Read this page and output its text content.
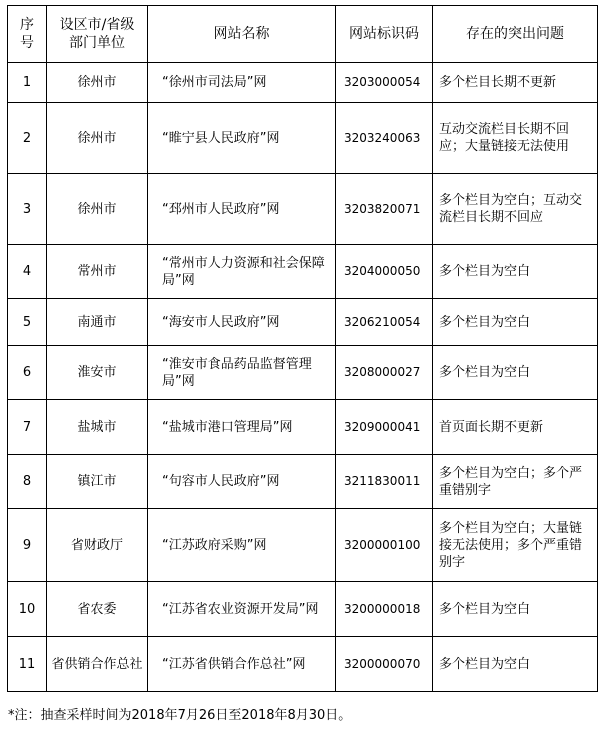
序号	设区市/省级部门单位	网站名称	网站标识码	存在的突出问题
1	徐州市	“徐州市司法局”网	3203000054	多个栏目长期不更新
2	徐州市	“睢宁县人民政府”网	3203240063	互动交流栏目长期不回应；大量链接无法使用
3	徐州市	“邳州市人民政府”网	3203820071	多个栏目为空白；互动交流栏目长期不回应
4	常州市	“常州市人力资源和社会保障局”网	3204000050	多个栏目为空白
5	南通市	“海安市人民政府”网	3206210054	多个栏目为空白
6	淮安市	“淮安市食品药品监督管理局”网	3208000027	多个栏目为空白
7	盐城市	“盐城市港口管理局”网	3209000041	首页面长期不更新
8	镇江市	“句容市人民政府”网	3211830011	多个栏目为空白；多个严重错别字
9	省财政厅	“江苏政府采购”网	3200000100	多个栏目为空白；大量链接无法使用；多个严重错别字
10	省农委	“江苏省农业资源开发局”网	3200000018	多个栏目为空白
11	省供销合作总社	“江苏省供销合作总社”网	3200000070	多个栏目为空白
*注：抽查采样时间为2018年7月26日至2018年8月30日。
